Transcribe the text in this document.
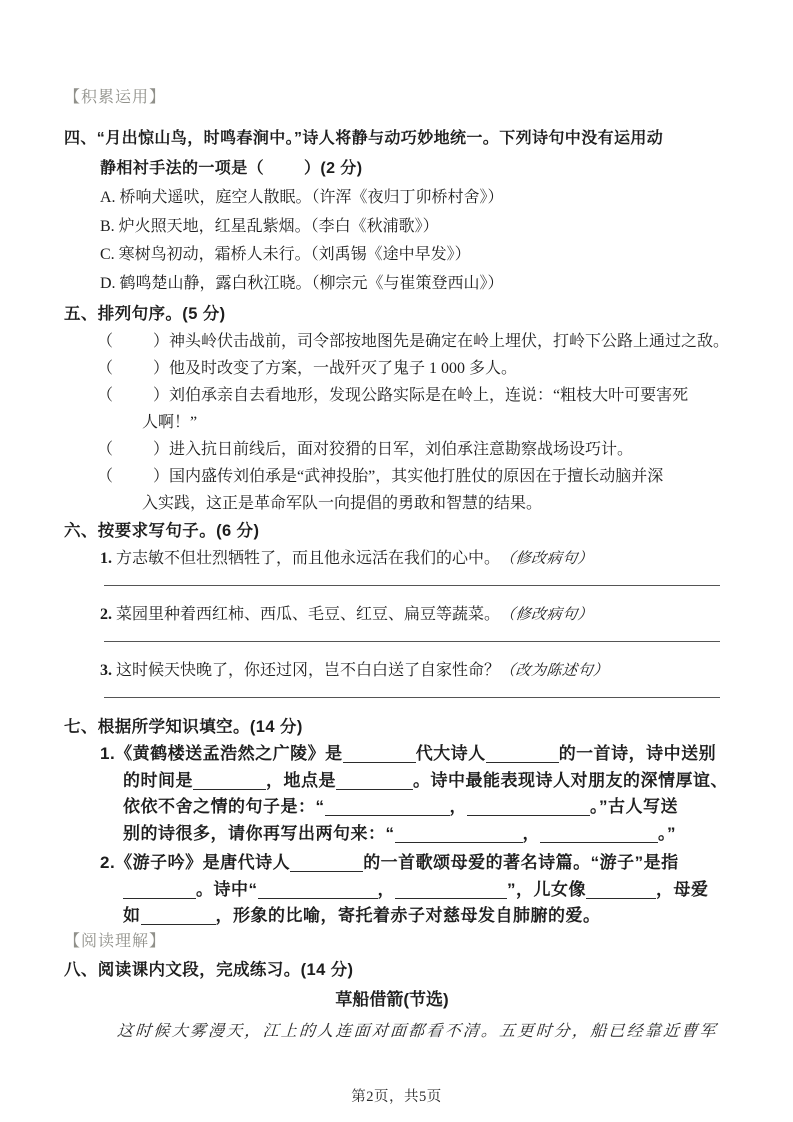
【积累运用】
四、“月出惊山鸟，时鸣春涧中。”诗人将静与动巧妙地统一。下列诗句中没有运用动
静相衬手法的一项是（	）(2 分)
A. 桥响犬遥吠，庭空人散眠。（许浑《夜归丁卯桥村舍》）
B. 炉火照天地，红星乱紫烟。（李白《秋浦歌》）
C. 寒树鸟初动，霜桥人未行。（刘禹锡《途中早发》）
D. 鹤鸣楚山静，露白秋江晓。（柳宗元《与崔策登西山》）
五、排列句序。(5 分)
（	）神头岭伏击战前，司令部按地图先是确定在岭上埋伏，打岭下公路上通过之敌。
（	）他及时改变了方案，一战歼灭了鬼子 1 000 多人。
（	）刘伯承亲自去看地形，发现公路实际是在岭上，连说：“粗枝大叶可要害死
人啊！”
（	）进入抗日前线后，面对狡猾的日军，刘伯承注意勘察战场设巧计。
（	）国内盛传刘伯承是“武神投胎”，其实他打胜仗的原因在于擅长动脑并深
入实践，这正是革命军队一向提倡的勇敢和智慧的结果。
六、按要求写句子。(6 分)
1. 方志敏不但壮烈牺牲了，而且他永远活在我们的心中。（修改病句）
2. 菜园里种着西红柿、西瓜、毛豆、红豆、扁豆等蔬菜。（修改病句）
3. 这时候天快晚了，你还过冈，岂不白白送了自家性命？（改为陈述句）
七、根据所学知识填空。(14 分)
1.《黄鹤楼送孟浩然之广陵》是	代大诗人	的一首诗，诗中送别
的时间是	，地点是	。诗中最能表现诗人对朋友的深情厚谊、
依依不舍之情的句子是：“	，	。”古人写送
别的诗很多，请你再写出两句来：“	，	。”
2.《游子吟》是唐代诗人	的一首歌颂母爱的著名诗篇。“游子”是指
。诗中“	，	”，儿女像	，母爱
如	，形象的比喻，寄托着赤子对慈母发自肺腑的爱。
【阅读理解】
八、阅读课内文段，完成练习。(14 分)
草船借箭(节选)
这时候大雾漫天，江上的人连面对面都看不清。五更时分，船已经靠近曹军
第2页，共5页
